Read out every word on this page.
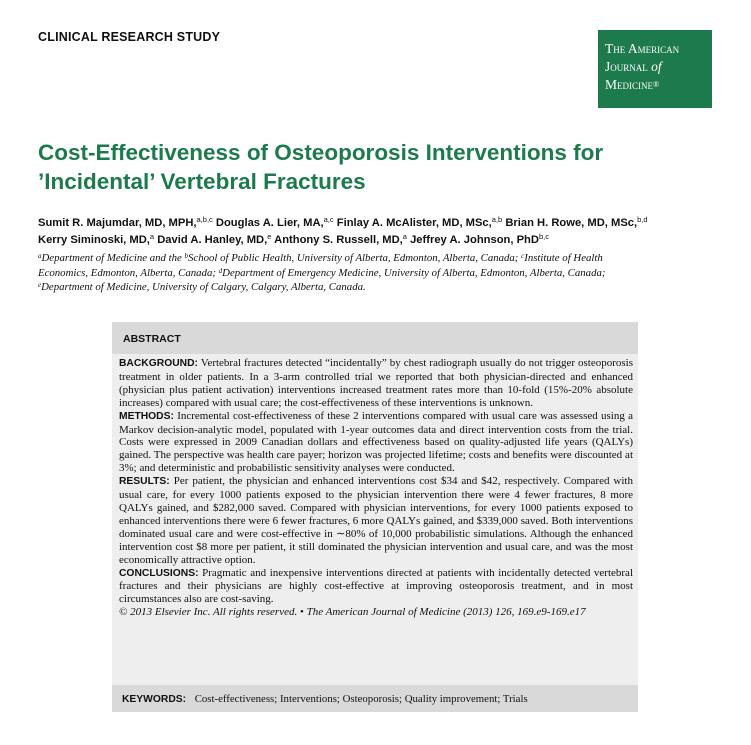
CLINICAL RESEARCH STUDY
The American
Journal of
Medicine®
Cost-Effectiveness of Osteoporosis Interventions for
’Incidental’ Vertebral Fractures
Sumit R. Majumdar, MD, MPH,$^{a,b,c}$ Douglas A. Lier, MA,$^{a,c}$ Finlay A. McAlister, MD, MSc,$^{a,b}$ Brian H. Rowe, MD, MSc,$^{b,d}$
Kerry Siminoski, MD,$^a$ David A. Hanley, MD,$^e$ Anthony S. Russell, MD,$^a$ Jeffrey A. Johnson, PhD$^{b,c}$
$^a$Department of Medicine and the $^b$School of Public Health, University of Alberta, Edmonton, Alberta, Canada; $^c$Institute of Health
Economics, Edmonton, Alberta, Canada; $^d$Department of Emergency Medicine, University of Alberta, Edmonton, Alberta, Canada;
$^e$Department of Medicine, University of Calgary, Calgary, Alberta, Canada.
ABSTRACT

BACKGROUND: Vertebral fractures detected “incidentally” by chest radiograph usually do not trigger osteoporosis treatment in older patients. In a 3-arm controlled trial we reported that both physician-directed and enhanced (physician plus patient activation) interventions increased treatment rates more than 10-fold (15%-20% absolute increases) compared with usual care; the cost-effectiveness of these interventions is unknown.

METHODS: Incremental cost-effectiveness of these 2 interventions compared with usual care was assessed using a Markov decision-analytic model, populated with 1-year outcomes data and direct intervention costs from the trial. Costs were expressed in 2009 Canadian dollars and effectiveness based on quality-adjusted life years (QALYs) gained. The perspective was health care payer; horizon was projected lifetime; costs and benefits were discounted at 3%; and deterministic and probabilistic sensitivity analyses were conducted.

RESULTS: Per patient, the physician and enhanced interventions cost $34 and $42, respectively. Compared with usual care, for every 1000 patients exposed to the physician intervention there were 4 fewer fractures, 8 more QALYs gained, and $282,000 saved. Compared with physician interventions, for every 1000 patients exposed to enhanced interventions there were 6 fewer fractures, 6 more QALYs gained, and $339,000 saved. Both interventions dominated usual care and were cost-effective in ∼80% of 10,000 probabilistic simulations. Although the enhanced intervention cost $8 more per patient, it still dominated the physician intervention and usual care, and was the most economically attractive option.

CONCLUSIONS: Pragmatic and inexpensive interventions directed at patients with incidentally detected vertebral fractures and their physicians are highly cost-effective at improving osteoporosis treatment, and in most circumstances also are cost-saving.

© 2013 Elsevier Inc. All rights reserved. • The American Journal of Medicine (2013) 126, 169.e9-169.e17

KEYWORDS: Cost-effectiveness; Interventions; Osteoporosis; Quality improvement; Trials
